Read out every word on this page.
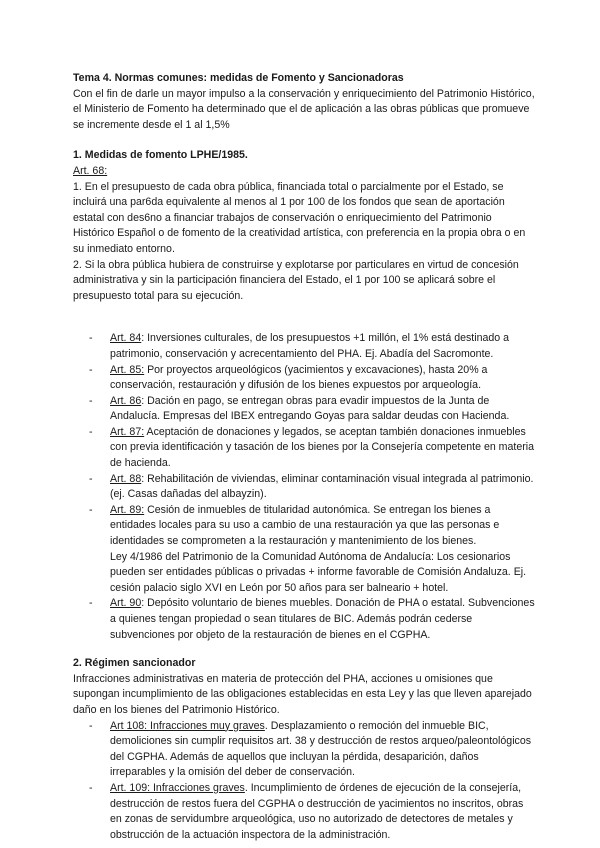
Tema 4. Normas comunes: medidas de Fomento y Sancionadoras

Con el fin de darle un mayor impulso a la conservación y enriquecimiento del Patrimonio Histórico, el Ministerio de Fomento ha determinado que el de aplicación a las obras públicas que promueve se incremente desde el 1 al 1,5%

1. Medidas de fomento LPHE/1985.
Art. 68:

1. En el presupuesto de cada obra pública, financiada total o parcialmente por el Estado, se incluirá una par6da equivalente al menos al 1 por 100 de los fondos que sean de aportación estatal con des6no a financiar trabajos de conservación o enriquecimiento del Patrimonio Histórico Español o de fomento de la creatividad artística, con preferencia en la propia obra o en su inmediato entorno.

2. Si la obra pública hubiera de construirse y explotarse por particulares en virtud de concesión administrativa y sin la participación financiera del Estado, el 1 por 100 se aplicará sobre el presupuesto total para su ejecución.

- Art. 84: Inversiones culturales, de los presupuestos +1 millón, el 1% está destinado a patrimonio, conservación y acrecentamiento del PHA. Ej. Abadía del Sacromonte.
- Art. 85: Por proyectos arqueológicos (yacimientos y excavaciones), hasta 20% a conservación, restauración y difusión de los bienes expuestos por arqueología.
- Art. 86: Dación en pago, se entregan obras para evadir impuestos de la Junta de Andalucía. Empresas del IBEX entregando Goyas para saldar deudas con Hacienda.
- Art. 87: Aceptación de donaciones y legados, se aceptan también donaciones inmuebles con previa identificación y tasación de los bienes por la Consejería competente en materia de hacienda.
- Art. 88: Rehabilitación de viviendas, eliminar contaminación visual integrada al patrimonio. (ej. Casas dañadas del albayzin).
- Art. 89: Cesión de inmuebles de titularidad autonómica. Se entregan los bienes a entidades locales para su uso a cambio de una restauración ya que las personas e identidades se comprometen a la restauración y mantenimiento de los bienes.
Ley 4/1986 del Patrimonio de la Comunidad Autónoma de Andalucía: Los cesionarios pueden ser entidades públicas o privadas + informe favorable de Comisión Andaluza. Ej. cesión palacio siglo XVI en León por 50 años para ser balneario + hotel.
- Art. 90: Depósito voluntario de bienes muebles. Donación de PHA o estatal. Subvenciones a quienes tengan propiedad o sean titulares de BIC. Además podrán cederse subvenciones por objeto de la restauración de bienes en el CGPHA.
2. Régimen sancionador

Infracciones administrativas en materia de protección del PHA, acciones u omisiones que supongan incumplimiento de las obligaciones establecidas en esta Ley y las que lleven aparejado daño en los bienes del Patrimonio Histórico.

- Art 108: Infracciones muy graves. Desplazamiento o remoción del inmueble BIC, demoliciones sin cumplir requisitos art. 38 y destrucción de restos arqueo/paleontológicos del CGPHA. Además de aquellos que incluyan la pérdida, desaparición, daños irreparables y la omisión del deber de conservación.
- Art. 109: Infracciones graves. Incumplimiento de órdenes de ejecución de la consejería, destrucción de restos fuera del CGPHA o destrucción de yacimientos no inscritos, obras en zonas de servidumbre arqueológica, uso no autorizado de detectores de metales y obstrucción de la actuación inspectora de la administración.
